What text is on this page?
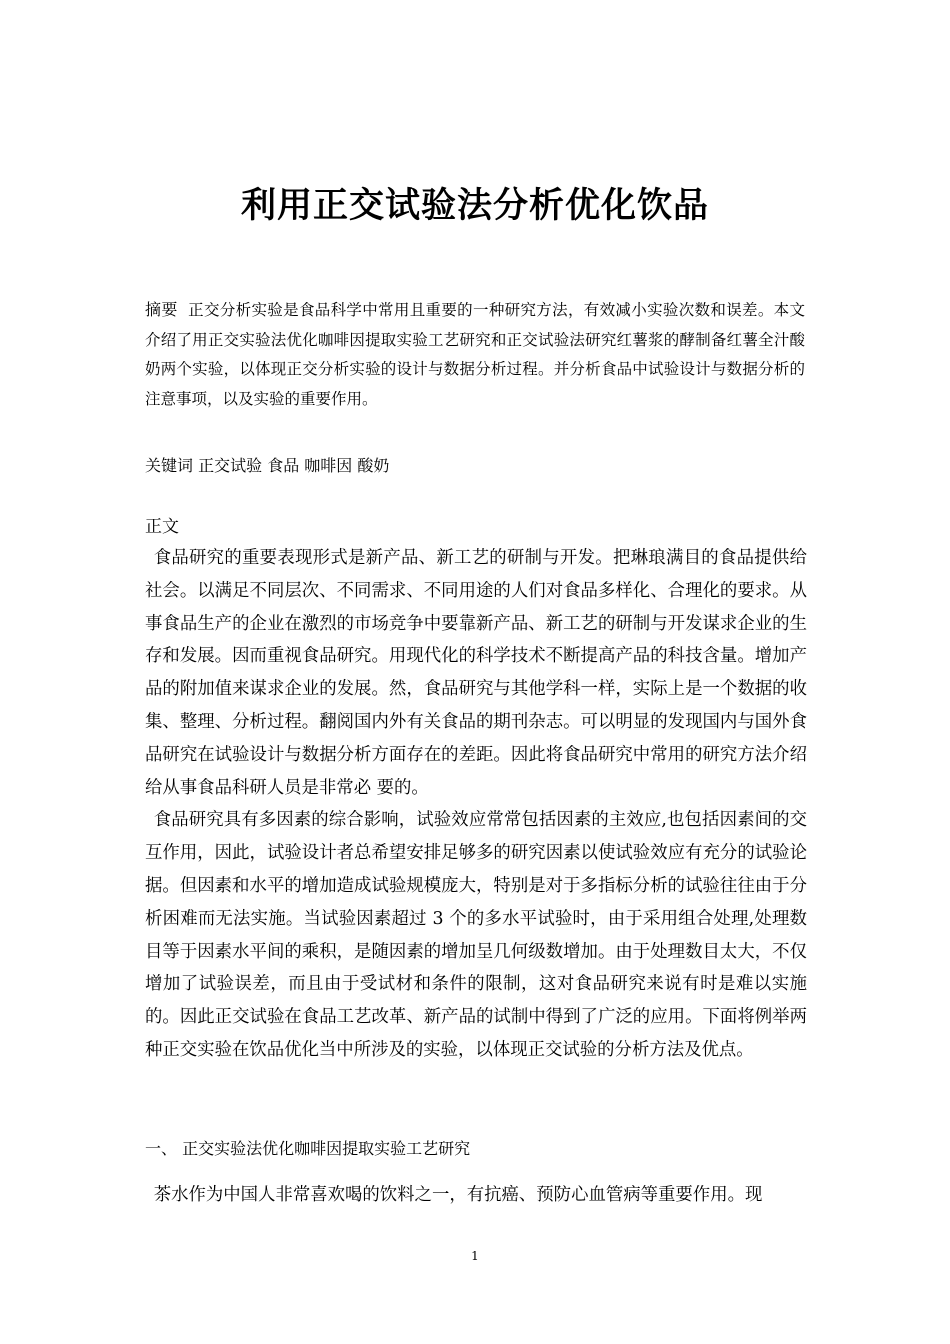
利用正交试验法分析优化饮品
摘要 正交分析实验是食品科学中常用且重要的一种研究方法，有效减小实验次数和误差。本文介绍了用正交实验法优化咖啡因提取实验工艺研究和正交试验法研究红薯浆的酵制备红薯全汁酸奶两个实验，以体现正交分析实验的设计与数据分析过程。并分析食品中试验设计与数据分析的注意事项，以及实验的重要作用。
关键词 正交试验 食品 咖啡因 酸奶
正文

食品研究的重要表现形式是新产品、新工艺的研制与开发。把琳琅满目的食品提供给社会。以满足不同层次、不同需求、不同用途的人们对食品多样化、合理化的要求。从事食品生产的企业在激烈的市场竞争中要靠新产品、新工艺的研制与开发谋求企业的生存和发展。因而重视食品研究。用现代化的科学技术不断提高产品的科技含量。增加产品的附加值来谋求企业的发展。然，食品研究与其他学科一样，实际上是一个数据的收集、整理、分析过程。翻阅国内外有关食品的期刊杂志。可以明显的发现国内与国外食品研究在试验设计与数据分析方面存在的差距。因此将食品研究中常用的研究方法介绍给从事食品科研人员是非常必 要的。

食品研究具有多因素的综合影响，试验效应常常包括因素的主效应,也包括因素间的交互作用，因此，试验设计者总希望安排足够多的研究因素以使试验效应有充分的试验论据。但因素和水平的增加造成试验规模庞大，特别是对于多指标分析的试验往往由于分析困难而无法实施。当试验因素超过 3 个的多水平试验时，由于采用组合处理,处理数目等于因素水平间的乘积，是随因素的增加呈几何级数增加。由于处理数目太大，不仅增加了试验误差，而且由于受试材和条件的限制，这对食品研究来说有时是难以实施的。因此正交试验在食品工艺改革、新产品的试制中得到了广泛的应用。下面将例举两种正交实验在饮品优化当中所涉及的实验，以体现正交试验的分析方法及优点。

一、 正交实验法优化咖啡因提取实验工艺研究

茶水作为中国人非常喜欢喝的饮料之一，有抗癌、预防心血管病等重要作用。现

1
